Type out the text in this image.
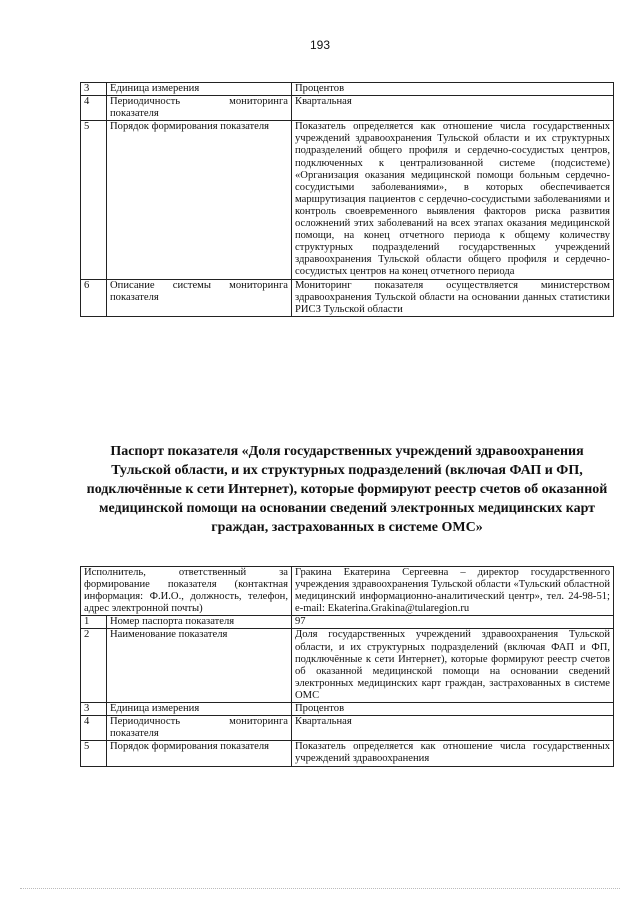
193
3	Единица измерения	Процентов
4	Периодичность мониторинга показателя	Квартальная
5	Порядок формирования показателя	Показатель определяется как отношение числа государственных учреждений здравоохранения Тульской области и их структурных подразделений общего профиля и сердечно-сосудистых центров, подключенных к централизованной системе (подсистеме) «Организация оказания медицинской помощи больным сердечно-сосудистыми заболеваниями», в которых обеспечивается маршрутизация пациентов с сердечно-сосудистыми заболеваниями и контроль своевременного выявления факторов риска развития осложнений этих заболеваний на всех этапах оказания медицинской помощи, на конец отчетного периода к общему количеству структурных подразделений государственных учреждений здравоохранения Тульской области общего профиля и сердечно-сосудистых центров на конец отчетного периода
6	Описание системы мониторинга показателя	Мониторинг показателя осуществляется министерством здравоохранения Тульской области на основании данных статистики РИСЗ Тульской области
Паспорт показателя «Доля государственных учреждений здравоохранения Тульской области, и их структурных подразделений (включая ФАП и ФП, подключённые к сети Интернет), которые формируют реестр счетов об оказанной медицинской помощи на основании сведений электронных медицинских карт граждан, застрахованных в системе ОМС»
Исполнитель, ответственный за формирование показателя (контактная информация: Ф.И.О., должность, телефон, адрес электронной почты)		Гракина Екатерина Сергеевна – директор государственного учреждения здравоохранения Тульской области «Тульский областной медицинский информационно-аналитический центр», тел. 24-98-51; e-mail: Ekaterina.Grakina@tularegion.ru
1	Номер паспорта показателя	97
2	Наименование показателя	Доля государственных учреждений здравоохранения Тульской области, и их структурных подразделений (включая ФАП и ФП, подключённые к сети Интернет), которые формируют реестр счетов об оказанной медицинской помощи на основании сведений электронных медицинских карт граждан, застрахованных в системе ОМС
3	Единица измерения	Процентов
4	Периодичность мониторинга показателя	Квартальная
5	Порядок формирования показателя	Показатель определяется как отношение числа государственных учреждений здравоохранения
